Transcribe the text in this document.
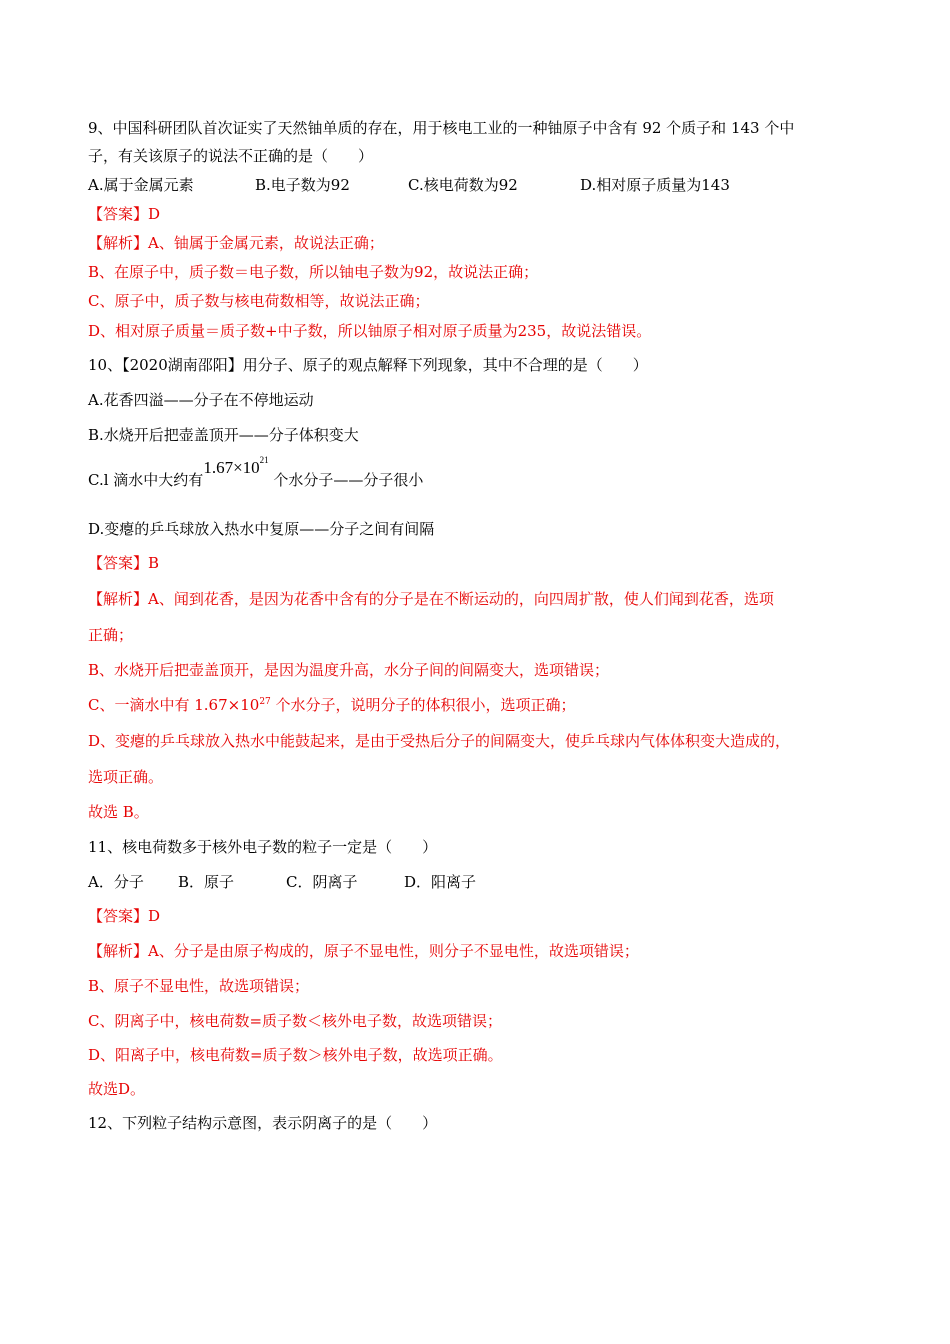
9、中国科研团队首次证实了天然铀单质的存在，用于核电工业的一种铀原子中含有 92 个质子和 143 个中
子，有关该原子的说法不正确的是（　　）
A.属于金属元素	B.电子数为92	C.核电荷数为92	D.相对原子质量为143
【答案】D
【解析】A、铀属于金属元素，故说法正确；
B、在原子中，质子数＝电子数，所以铀电子数为92，故说法正确；
C、原子中，质子数与核电荷数相等，故说法正确；
D、相对原子质量＝质子数+中子数，所以铀原子相对原子质量为235，故说法错误。
10、【2020湖南邵阳】用分子、原子的观点解释下列现象，其中不合理的是（　　）
A.花香四溢——分子在不停地运动
B.水烧开后把壶盖顶开——分子体积变大
C.l 滴水中大约有$1.67\times 10^{21}$ 个水分子——分子很小
D.变瘪的乒乓球放入热水中复原——分子之间有间隔
【答案】B
【解析】A、闻到花香，是因为花香中含有的分子是在不断运动的，向四周扩散，使人们闻到花香，选项
正确；
B、水烧开后把壶盖顶开，是因为温度升高，水分子间的间隔变大，选项错误；
C、一滴水中有 $1.67\times 10^{27}$ 个水分子，说明分子的体积很小，选项正确；
D、变瘪的乒乓球放入热水中能鼓起来，是由于受热后分子的间隔变大，使乒乓球内气体体积变大造成的，
选项正确。
故选 B。
11、核电荷数多于核外电子数的粒子一定是（　　）
A．分子 B．原子	C．阴离子	D．阳离子
【答案】D
【解析】A、分子是由原子构成的，原子不显电性，则分子不显电性，故选项错误；
B、原子不显电性，故选项错误；
C、阴离子中，核电荷数=质子数＜核外电子数，故选项错误；
D、阳离子中，核电荷数=质子数＞核外电子数，故选项正确。
故选D。
12、下列粒子结构示意图，表示阴离子的是（　　）
